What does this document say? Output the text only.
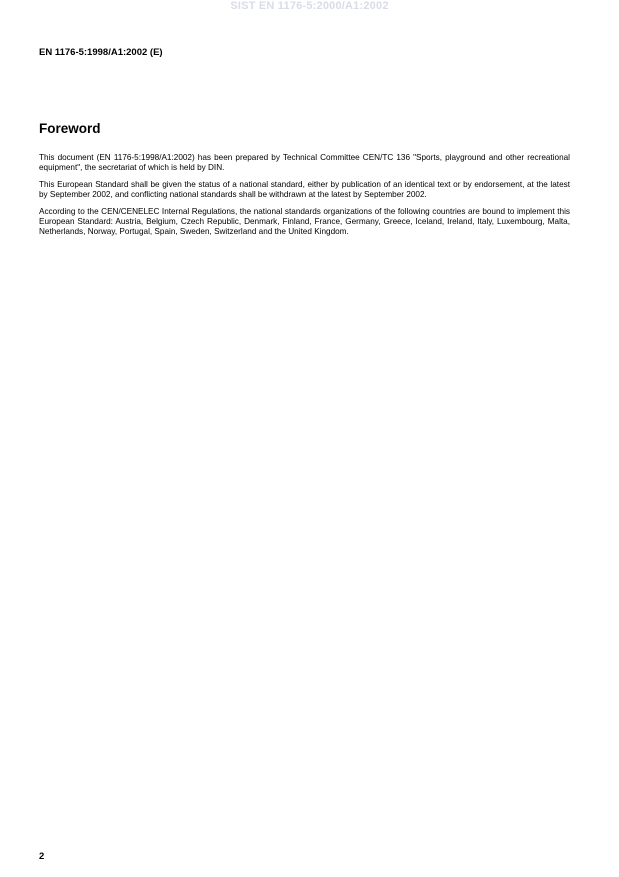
SIST EN 1176-5:2000/A1:2002
EN 1176-5:1998/A1:2002 (E)
Foreword

This document (EN 1176-5:1998/A1:2002) has been prepared by Technical Committee CEN/TC 136 "Sports, playground and other recreational equipment", the secretariat of which is held by DIN.

This European Standard shall be given the status of a national standard, either by publication of an identical text or by endorsement, at the latest by September 2002, and conflicting national standards shall be withdrawn at the latest by September 2002.

According to the CEN/CENELEC Internal Regulations, the national standards organizations of the following countries are bound to implement this European Standard: Austria, Belgium, Czech Republic, Denmark, Finland, France, Germany, Greece, Iceland, Ireland, Italy, Luxembourg, Malta, Netherlands, Norway, Portugal, Spain, Sweden, Switzerland and the United Kingdom.

2
